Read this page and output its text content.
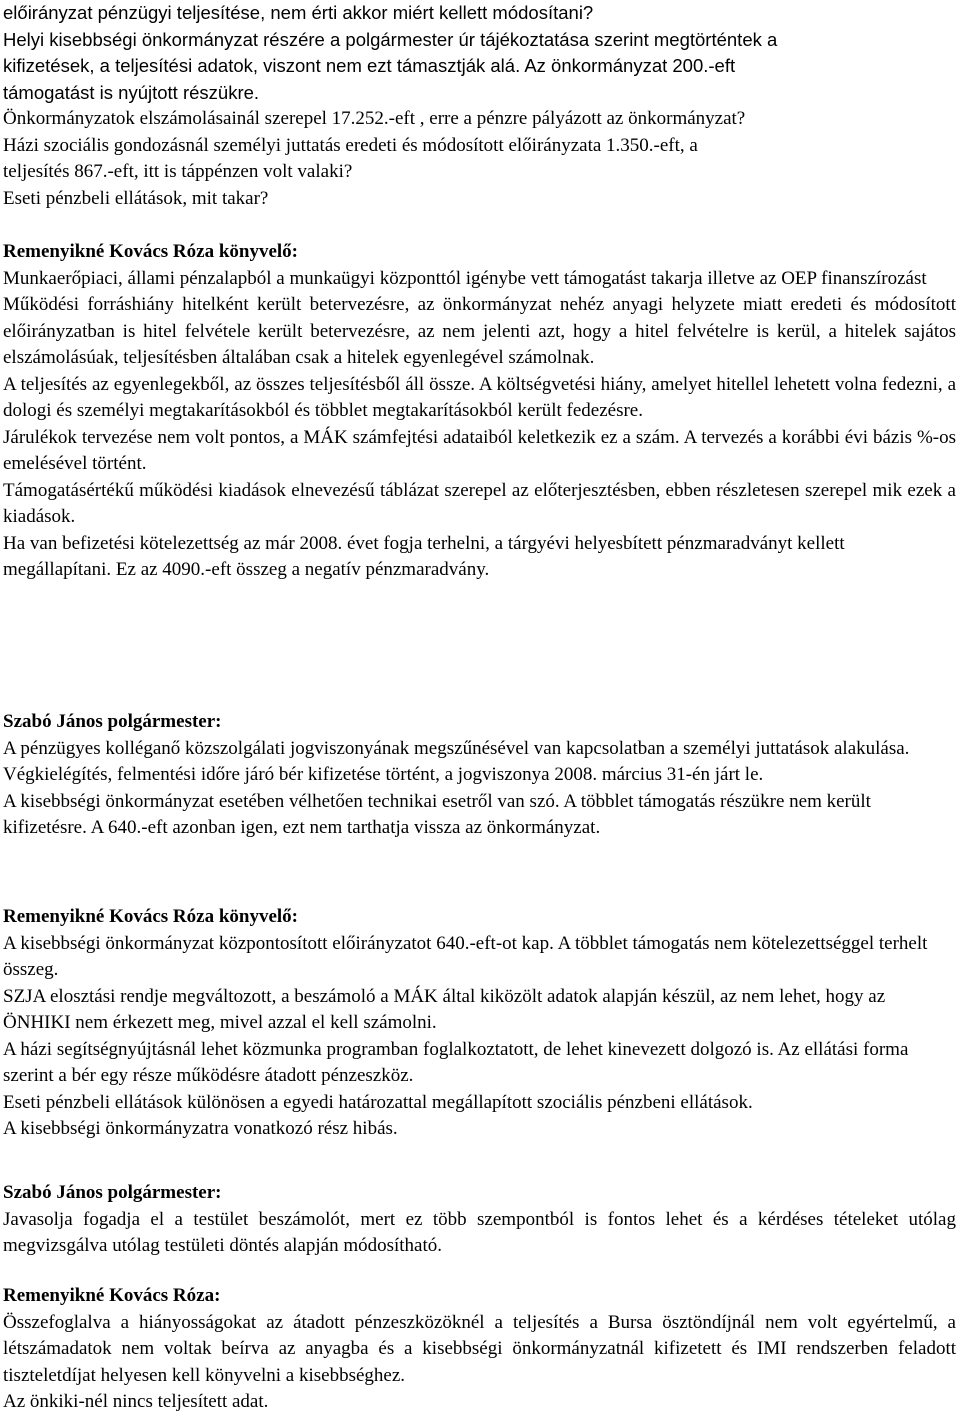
előirányzat pénzügyi teljesítése, nem érti akkor miért kellett módosítani?

Helyi kisebbségi önkormányzat részére a polgármester úr tájékoztatása szerint megtörténtek a

kifizetések, a teljesítési adatok, viszont nem ezt támasztják alá. Az önkormányzat 200.-eft

támogatást is nyújtott részükre.

Önkormányzatok elszámolásainál szerepel 17.252.-eft , erre a pénzre pályázott az önkormányzat?

Házi szociális gondozásnál személyi juttatás eredeti és módosított előirányzata 1.350.-eft, a

teljesítés 867.-eft, itt is táppénzen volt valaki?

Eseti pénzbeli ellátások, mit takar?

Remenyikné Kovács Róza könyvelő:

Munkaerőpiaci, állami pénzalapból a munkaügyi központtól igénybe vett támogatást takarja illetve az OEP finanszírozást

Működési forráshiány hitelként került betervezésre, az önkormányzat nehéz anyagi helyzete miatt eredeti és módosított előirányzatban is hitel felvétele került betervezésre, az nem jelenti azt, hogy a hitel felvételre is kerül, a hitelek sajátos elszámolásúak, teljesítésben általában csak a hitelek egyenlegével számolnak.

A teljesítés az egyenlegekből, az összes teljesítésből áll össze. A költségvetési hiány, amelyet hitellel lehetett volna fedezni, a dologi és személyi megtakarításokból és többlet megtakarításokból került fedezésre.

Járulékok tervezése nem volt pontos, a MÁK számfejtési adataiból keletkezik ez a szám. A tervezés a korábbi évi bázis %-os emelésével történt.

Támogatásértékű működési kiadások elnevezésű táblázat szerepel az előterjesztésben, ebben részletesen szerepel mik ezek a kiadások.

Ha van befizetési kötelezettség az már 2008. évet fogja terhelni, a tárgyévi helyesbített pénzmaradványt kellett megállapítani. Ez az 4090.-eft összeg a negatív pénzmaradvány.

Szabó János polgármester:

A pénzügyes kolléganő közszolgálati jogviszonyának megszűnésével van kapcsolatban a személyi juttatások alakulása. Végkielégítés, felmentési időre járó bér kifizetése történt, a jogviszonya 2008. március 31-én járt le.

A kisebbségi önkormányzat esetében vélhetően technikai esetről van szó. A többlet támogatás részükre nem került kifizetésre. A 640.-eft azonban igen, ezt nem tarthatja vissza az önkormányzat.

Remenyikné Kovács Róza könyvelő:

A kisebbségi önkormányzat központosított előirányzatot 640.-eft-ot kap. A többlet támogatás nem kötelezettséggel terhelt összeg.

SZJA elosztási rendje megváltozott, a beszámoló a MÁK által kiközölt adatok alapján készül, az nem lehet, hogy az ÖNHIKI nem érkezett meg, mivel azzal el kell számolni.

A házi segítségnyújtásnál lehet közmunka programban foglalkoztatott, de lehet kinevezett dolgozó is. Az ellátási forma szerint a bér egy része működésre átadott pénzeszköz.

Eseti pénzbeli ellátások különösen a egyedi határozattal megállapított szociális pénzbeni ellátások.

A kisebbségi önkormányzatra vonatkozó rész hibás.

Szabó János polgármester:

Javasolja fogadja el a testület beszámolót, mert ez több szempontból is fontos lehet és a kérdéses tételeket utólag megvizsgálva utólag testületi döntés alapján módosítható.

Remenyikné Kovács Róza:

Összefoglalva a hiányosságokat az átadott pénzeszközöknél a teljesítés a Bursa ösztöndíjnál nem volt egyértelmű, a létszámadatok nem voltak beírva az anyagba és a kisebbségi önkormányzatnál kifizetett és IMI rendszerben feladott tiszteletdíjat helyesen kell könyvelni a kisebbséghez.

Az önkiki-nél nincs teljesített adat.
